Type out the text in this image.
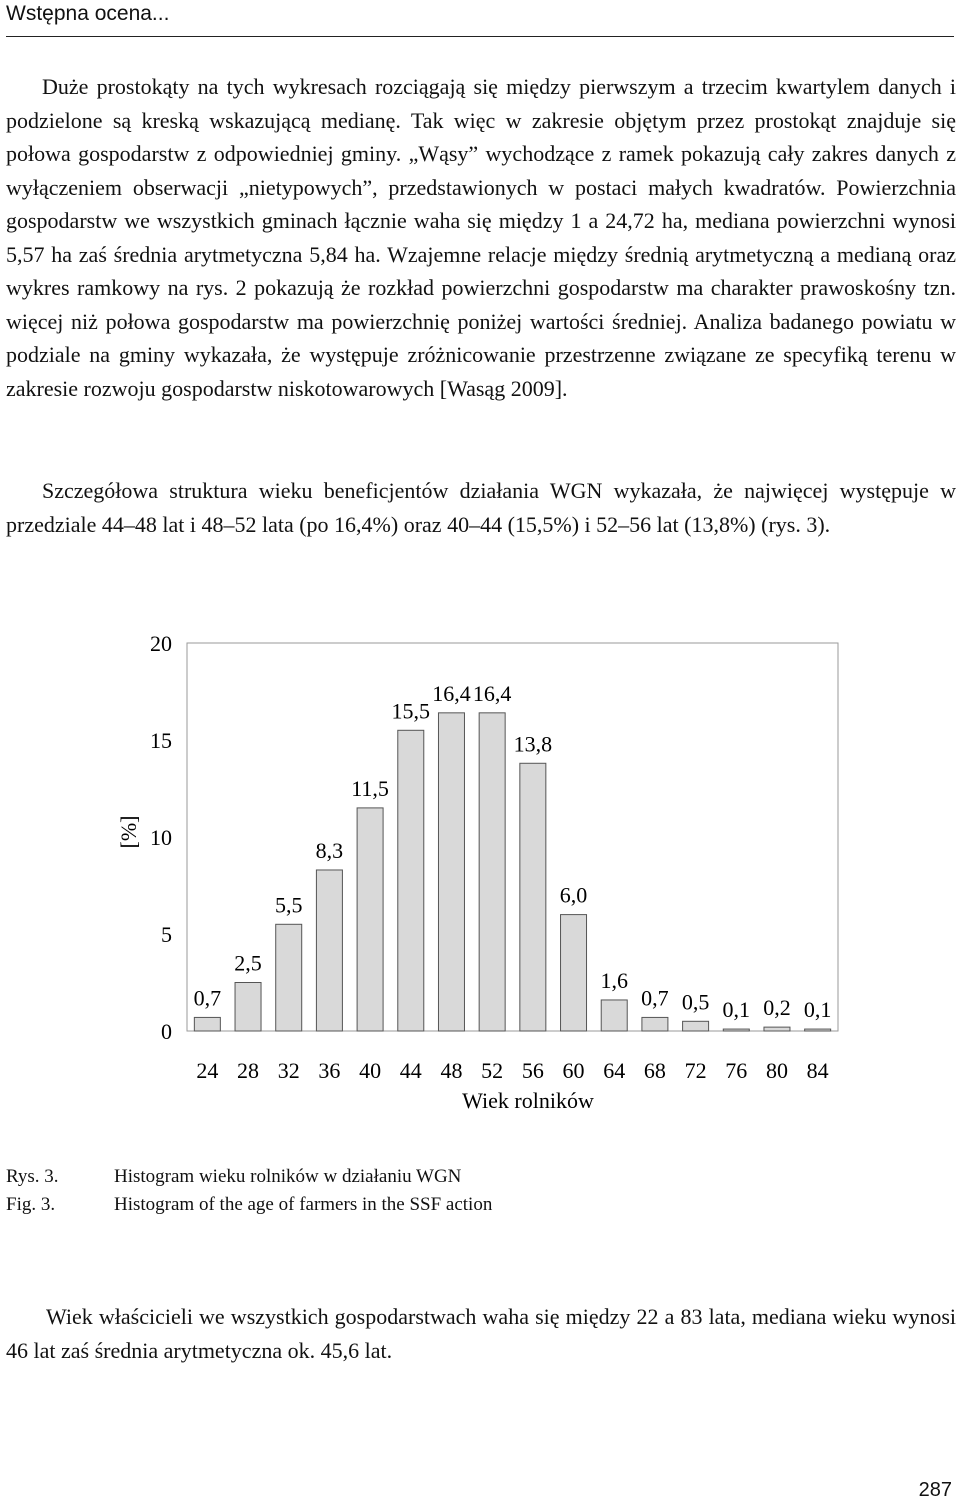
Wstępna ocena...

Duże prostokąty na tych wykresach rozciągają się między pierwszym a trzecim kwartylem danych i podzielone są kreską wskazującą medianę. Tak więc w zakresie objętym przez prostokąt znajduje się połowa gospodarstw z odpowiedniej gminy. „Wąsy” wychodzące z ramek pokazują cały zakres danych z wyłączeniem obserwacji „nietypowych”, przedstawionych w postaci małych kwadratów. Powierzchnia gospodarstw we wszystkich gminach łącznie waha się między 1 a 24,72 ha, mediana powierzchni wynosi 5,57 ha zaś średnia arytmetyczna 5,84 ha. Wzajemne relacje między średnią arytmetyczną a medianą oraz wykres ramkowy na rys. 2 pokazują że rozkład powierzchni gospodarstw ma charakter prawoskośny tzn. więcej niż połowa gospodarstw ma powierzchnię poniżej wartości średniej. Analiza badanego powiatu w podziale na gminy wykazała, że występuje zróżnicowanie przestrzenne związane ze specyfiką terenu w zakresie rozwoju gospodarstw niskotowarowych [Wasąg 2009].

Szczegółowa struktura wieku beneficjentów działania WGN wykazała, że najwięcej występuje w przedziale 44–48 lat i 48–52 lata (po 16,4%) oraz 40–44 (15,5%) i 52–56 lat (13,8%) (rys. 3).

0
5
10
15
20
0,7
2,5
5,5
8,3
11,5
15,5
16,4 16,4
13,8
6,0
1,6
0,7 0,5 0,1 0,2 0,1
24 28 32 36 40 44 48 52 56 60 64 68 72 76 80 84
[%]
Wiek rolników
Rys. 3.	Histogram wieku rolników w działaniu WGN
Fig. 3.	Histogram of the age of farmers in the SSF action

Wiek właścicieli we wszystkich gospodarstwach waha się między 22 a 83 lata, mediana wieku wynosi 46 lat zaś średnia arytmetyczna ok. 45,6 lat.

287
